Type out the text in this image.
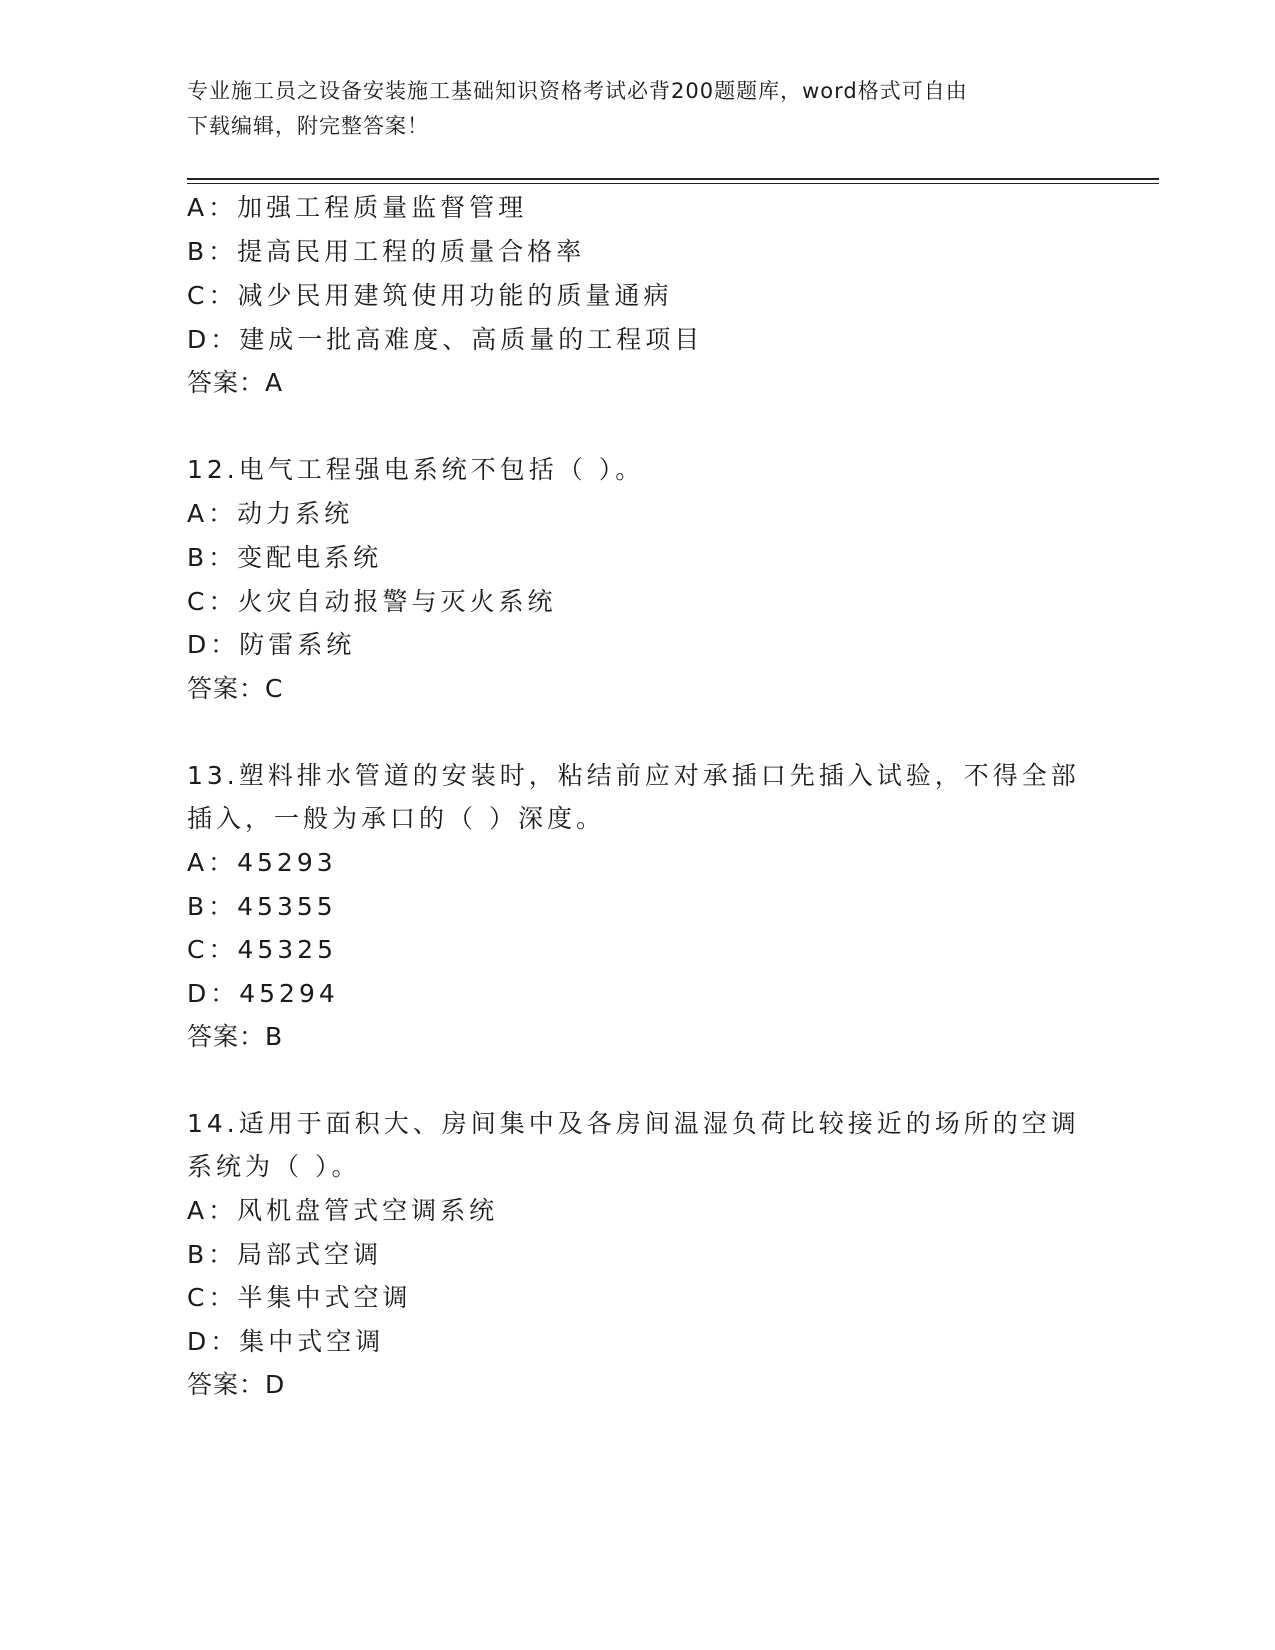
专业施工员之设备安装施工基础知识资格考试必背200题题库，word格式可自由
下载编辑，附完整答案！
A：加强工程质量监督管理
B：提高民用工程的质量合格率
C：减少民用建筑使用功能的质量通病
D：建成一批高难度、高质量的工程项目
答案：A
12.电气工程强电系统不包括（ ）。
A：动力系统
B：变配电系统
C：火灾自动报警与灭火系统
D：防雷系统
答案：C
13.塑料排水管道的安装时，粘结前应对承插口先插入试验，不得全部
插入，一般为承口的（ ）深度。
A：45293
B：45355
C：45325
D：45294
答案：B
14.适用于面积大、房间集中及各房间温湿负荷比较接近的场所的空调
系统为（ ）。
A：风机盘管式空调系统
B：局部式空调
C：半集中式空调
D：集中式空调
答案：D
